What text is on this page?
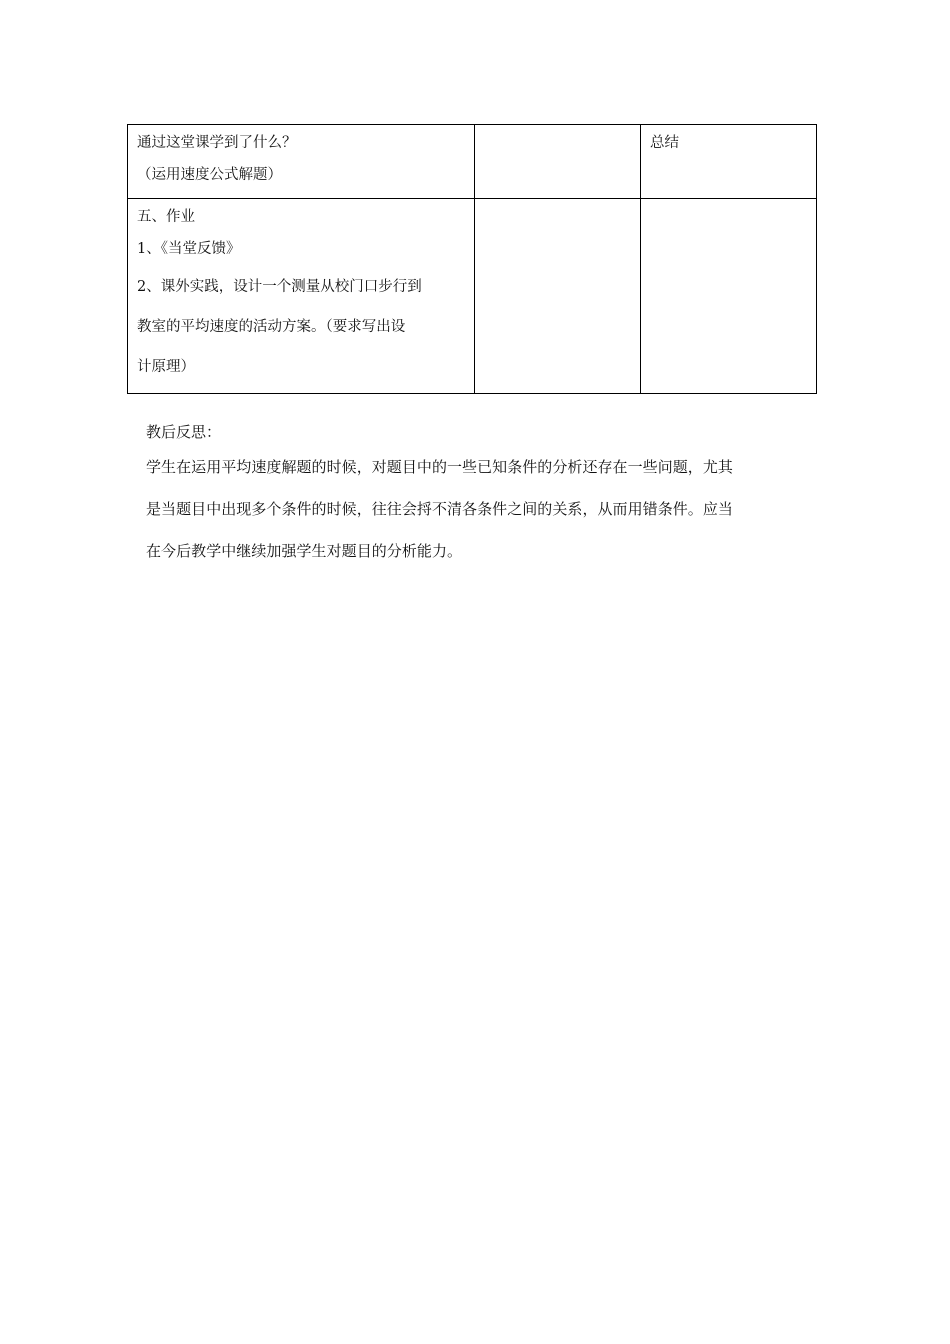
通过这堂课学到了什么？
（运用速度公式解题）		总结

五、作业
1、《当堂反馈》
2、课外实践，设计一个测量从校门口步行到
教室的平均速度的活动方案。（要求写出设
计原理）		

教后反思：
学生在运用平均速度解题的时候，对题目中的一些已知条件的分析还存在一些问题，尤其
是当题目中出现多个条件的时候，往往会捋不清各条件之间的关系，从而用错条件。应当
在今后教学中继续加强学生对题目的分析能力。
